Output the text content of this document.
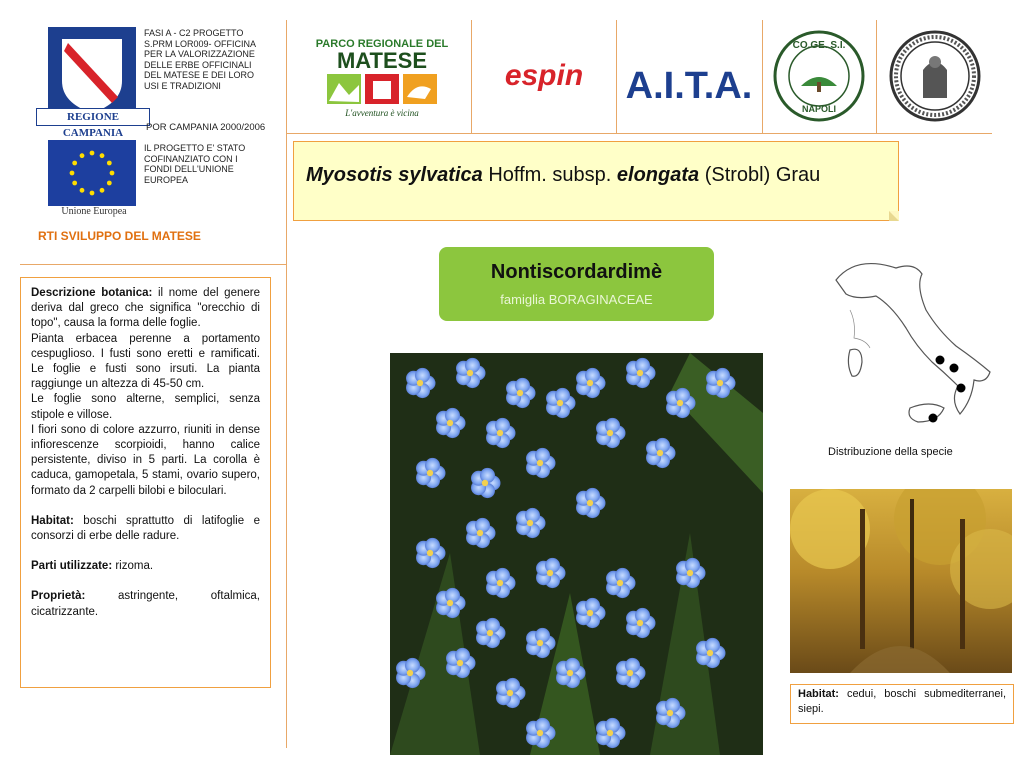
REGIONE CAMPANIA
FASI A - C2 PROGETTO
S.PRM LOR009- OFFICINA
PER LA VALORIZZAZIONE
DELLE ERBE OFFICINALI
DEL MATESE E DEI LORO
USI E TRADIZIONI
POR CAMPANIA 2000/2006
Unione Europea
IL PROGETTO E' STATO
COFINANZIATO CON I
FONDI DELL'UNIONE
EUROPEA
RTI SVILUPPO DEL MATESE
PARCO REGIONALE DEL
MATESE
L'avventura è vicina
espin A.I.T.A.
CO.GE. S.I.
NAPOLI
Myosotis sylvatica Hoffm. subsp. elongata (Strobl) Grau
Nontiscordardimè
famiglia BORAGINACEAE

Descrizione botanica: il nome del genere deriva dal greco che significa "orecchio di topo", causa la forma delle foglie.

Pianta erbacea perenne a portamento cespuglioso. I fusti sono eretti e ramificati. Le foglie e fusti sono irsuti. La pianta raggiunge un altezza di 45-50 cm.

Le foglie sono alterne, semplici, senza stipole e villose.

I fiori sono di colore azzurro, riuniti in dense infiorescenze scorpioidi, hanno calice persistente, diviso in 5 parti. La corolla è caduca, gamopetala, 5 stami, ovario supero, formato da 2 carpelli bilobi e biloculari.

Habitat: boschi sprattutto di latifoglie e consorzi di erbe delle radure.

Parti utilizzate: rizoma.

Proprietà: astringente, oftalmica, cicatrizzante.

Distribuzione della specie
Habitat: cedui, boschi submediterranei, siepi.
